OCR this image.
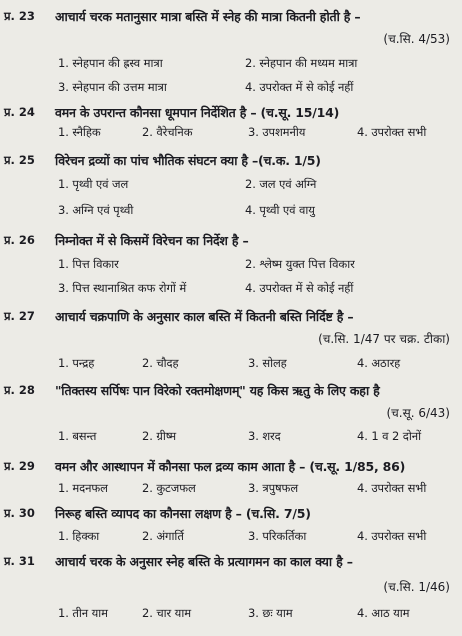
प्र. 23 आचार्य चरक मतानुसार मात्रा बस्ति में स्नेह की मात्रा कितनी होती है –
(च.सि. 4/53)
1. स्नेहपान की ह्रस्व मात्रा	2. स्नेहपान की मध्यम मात्रा
3. स्नेहपान की उत्तम मात्रा	4. उपरोक्त में से कोई नहीं
प्र. 24 वमन के उपरान्त कौनसा धूमपान निर्देशित है – (च.सू. 15/14)
1. स्नैहिक	2. वैरेचनिक	3. उपशमनीय	4. उपरोक्त सभी
प्र. 25 विरेचन द्रव्यों का पांच भौतिक संघटन क्या है –(च.क. 1/5)
1. पृथ्वी एवं जल	2. जल एवं अग्नि
3. अग्नि एवं पृथ्वी	4. पृथ्वी एवं वायु
प्र. 26 निम्नोक्त में से किसमें विरेचन का निर्देश है –
1. पित्त विकार	2. श्लेष्म युक्त पित्त विकार
3. पित्त स्थानाश्रित कफ रोगों में	4. उपरोक्त में से कोई नहीं
प्र. 27 आचार्य चक्रपाणि के अनुसार काल बस्ति में कितनी बस्ति निर्दिष्ट है –
(च.सि. 1/47 पर चक्र. टीका)
1. पन्द्रह	2. चौदह	3. सोलह	4. अठारह
प्र. 28 "तिक्तस्य सर्पिषः पान विरेको रक्तमोक्षणम्" यह किस ऋतु के लिए कहा है
(च.सू. 6/43)
1. बसन्त	2. ग्रीष्म	3. शरद	4. 1 व 2 दोनों
प्र. 29 वमन और आस्थापन में कौनसा फल द्रव्य काम आता है – (च.सू. 1/85, 86)
1. मदनफल	2. कुटजफल	3. त्रपुषफल	4. उपरोक्त सभी
प्र. 30 निरूह बस्ति व्यापद का कौनसा लक्षण है – (च.सि. 7/5)
1. हिक्का	2. अंगार्ति	3. परिकर्तिका	4. उपरोक्त सभी
प्र. 31 आचार्य चरक के अनुसार स्नेह बस्ति के प्रत्यागमन का काल क्या है –
(च.सि. 1/46)
1. तीन याम	2. चार याम	3. छः याम	4. आठ याम
